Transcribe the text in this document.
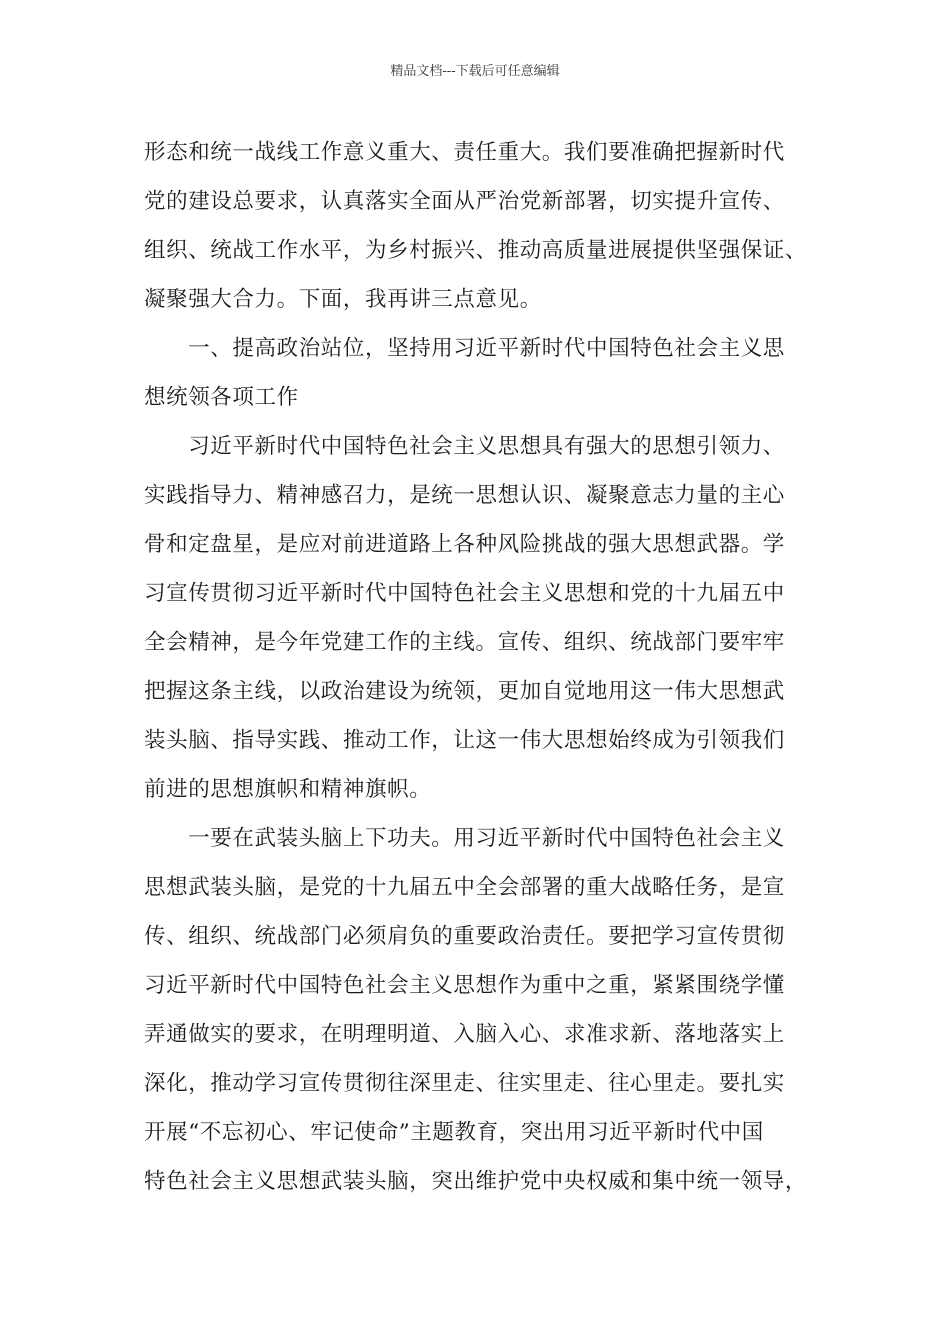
精品文档---下载后可任意编辑
形态和统一战线工作意义重大、责任重大。我们要准确把握新时代
党的建设总要求，认真落实全面从严治党新部署，切实提升宣传、
组织、统战工作水平，为乡村振兴、推动高质量进展提供坚强保证、
凝聚强大合力。下面，我再讲三点意见。
　　一、提高政治站位，坚持用习近平新时代中国特色社会主义思
想统领各项工作
　　习近平新时代中国特色社会主义思想具有强大的思想引领力、
实践指导力、精神感召力，是统一思想认识、凝聚意志力量的主心
骨和定盘星，是应对前进道路上各种风险挑战的强大思想武器。学
习宣传贯彻习近平新时代中国特色社会主义思想和党的十九届五中
全会精神，是今年党建工作的主线。宣传、组织、统战部门要牢牢
把握这条主线，以政治建设为统领，更加自觉地用这一伟大思想武
装头脑、指导实践、推动工作，让这一伟大思想始终成为引领我们
前进的思想旗帜和精神旗帜。
　　一要在武装头脑上下功夫。用习近平新时代中国特色社会主义
思想武装头脑，是党的十九届五中全会部署的重大战略任务，是宣
传、组织、统战部门必须肩负的重要政治责任。要把学习宣传贯彻
习近平新时代中国特色社会主义思想作为重中之重，紧紧围绕学懂
弄通做实的要求，在明理明道、入脑入心、求准求新、落地落实上
深化，推动学习宣传贯彻往深里走、往实里走、往心里走。要扎实
开展“不忘初心、牢记使命”主题教育，突出用习近平新时代中国
特色社会主义思想武装头脑，突出维护党中央权威和集中统一领导，
